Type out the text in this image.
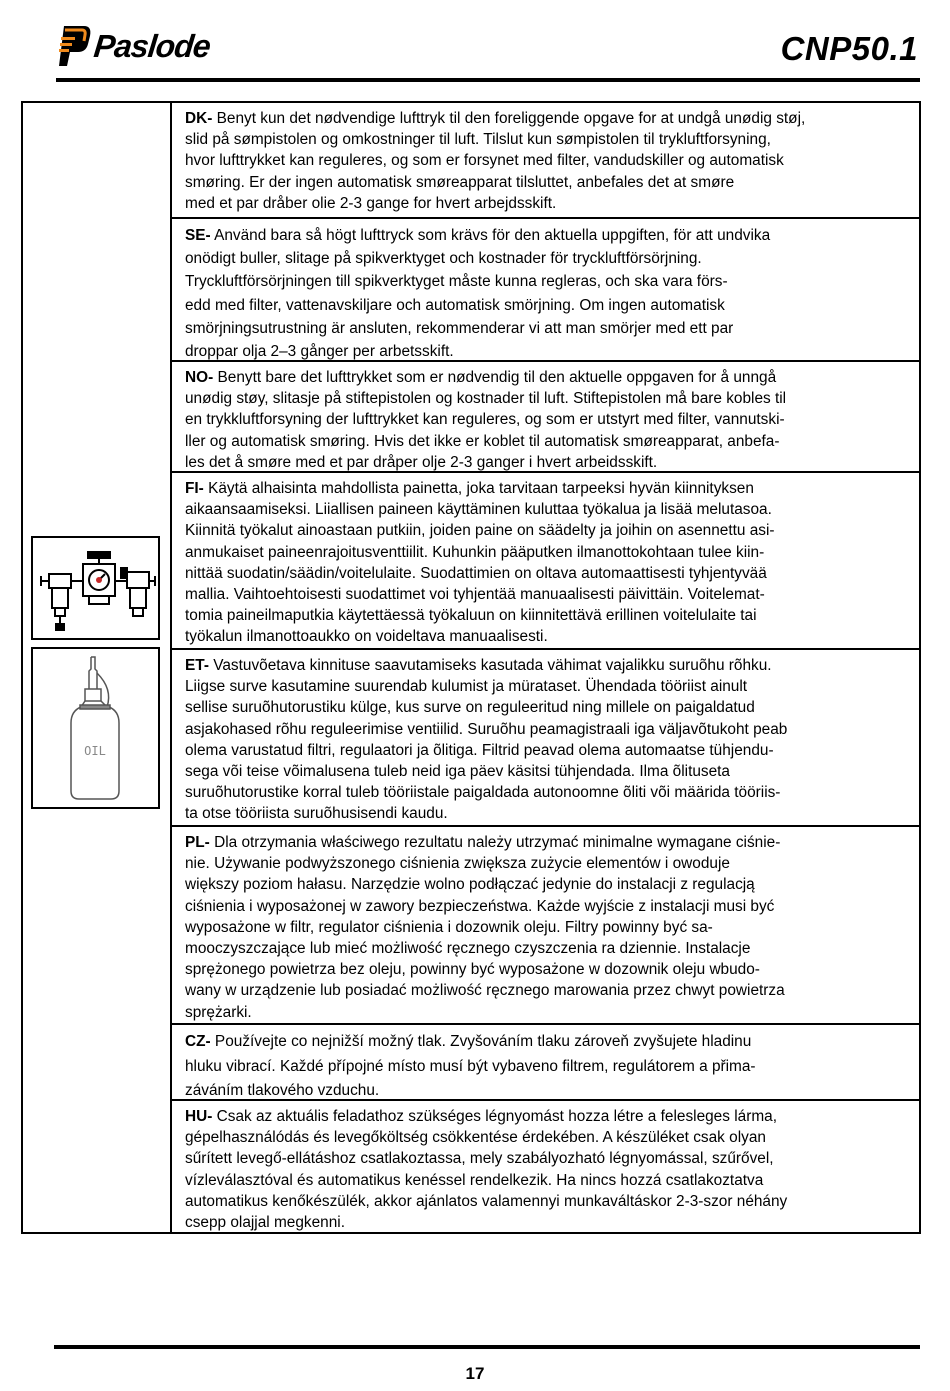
Paslode	CNP50.1
OIL
DK- Benyt kun det nødvendige lufttryk til den foreliggende opgave for at undgå unødig støj,
slid på sømpistolen og omkostninger til luft. Tilslut kun sømpistolen til trykluftforsyning,
hvor lufttrykket kan reguleres, og som er forsynet med filter, vandudskiller og automatisk
smøring. Er der ingen automatisk smøreapparat tilsluttet, anbefales det at smøre
med et par dråber olie 2-3 gange for hvert arbejdsskift.
SE- Använd bara så högt lufttryck som krävs för den aktuella uppgiften, för att undvika
onödigt buller, slitage på spikverktyget och kostnader för tryckluftförsörjning.
Tryckluftförsörjningen till spikverktyget måste kunna regleras, och ska vara förs-
edd med filter, vattenavskiljare och automatisk smörjning. Om ingen automatisk
smörjningsutrustning är ansluten, rekommenderar vi att man smörjer med ett par
droppar olja 2–3 gånger per arbetsskift.
NO- Benytt bare det lufttrykket som er nødvendig til den aktuelle oppgaven for å unngå
unødig støy, slitasje på stiftepistolen og kostnader til luft. Stiftepistolen må bare kobles til
en trykkluftforsyning der lufttrykket kan reguleres, og som er utstyrt med filter, vannutski-
ller og automatisk smøring. Hvis det ikke er koblet til automatisk smøreapparat, anbefa-
les det å smøre med et par dråper olje 2-3 ganger i hvert arbeidsskift.
FI- Käytä alhaisinta mahdollista painetta, joka tarvitaan tarpeeksi hyvän kiinnityksen
aikaansaamiseksi. Liiallisen paineen käyttäminen kuluttaa työkalua ja lisää melutasoa.
Kiinnitä työkalut ainoastaan putkiin, joiden paine on säädelty ja joihin on asennettu asi-
anmukaiset paineenrajoitusventtiilit. Kuhunkin pääputken ilmanottokohtaan tulee kiin-
nittää suodatin/säädin/voitelulaite. Suodattimien on oltava automaattisesti tyhjentyvää
mallia. Vaihtoehtoisesti suodattimet voi tyhjentää manuaalisesti päivittäin. Voitelemat-
tomia paineilmaputkia käytettäessä työkaluun on kiinnitettävä erillinen voitelulaite tai
työkalun ilmanottoaukko on voideltava manuaalisesti.
ET- Vastuvõetava kinnituse saavutamiseks kasutada vähimat vajalikku suruõhu rõhku.
Liigse surve kasutamine suurendab kulumist ja mürataset. Ühendada tööriist ainult
sellise suruõhutorustiku külge, kus surve on reguleeritud ning millele on paigaldatud
asjakohased rõhu reguleerimise ventiilid. Suruõhu peamagistraali iga väljavõtukoht peab
olema varustatud filtri, regulaatori ja õlitiga. Filtrid peavad olema automaatse tühjendu-
sega või teise võimalusena tuleb neid iga päev käsitsi tühjendada. Ilma õlituseta
suruõhutorustike korral tuleb tööriistale paigaldada autonoomne õliti või määrida tööriis-
ta otse tööriista suruõhusisendi kaudu.
PL- Dla otrzymania właściwego rezultatu należy utrzymać minimalne wymagane ciśnie-
nie. Używanie podwyższonego ciśnienia zwiększa zużycie elementów i owoduje
większy poziom hałasu. Narzędzie wolno podłączać jedynie do instalacji z regulacją
ciśnienia i wyposażonej w zawory bezpieczeństwa. Każde wyjście z instalacji musi być
wyposażone w filtr, regulator ciśnienia i dozownik oleju. Filtry powinny być sa-
mooczyszczające lub mieć możliwość ręcznego czyszczenia ra dziennie. Instalacje
sprężonego powietrza bez oleju, powinny być wyposażone w dozownik oleju wbudo-
wany w urządzenie lub posiadać możliwość ręcznego marowania przez chwyt powietrza
sprężarki.
CZ- Používejte co nejnižší možný tlak. Zvyšováním tlaku zároveň zvyšujete hladinu
hluku vibrací. Každé přípojné místo musí být vybaveno filtrem, regulátorem a přima-
záváním tlakového vzduchu.
HU- Csak az aktuális feladathoz szükséges légnyomást hozza létre a felesleges lárma,
gépelhasználódás és levegőköltség csökkentése érdekében. A készüléket csak olyan
sűrített levegő-ellátáshoz csatlakoztassa, mely szabályozható légnyomással, szűrővel,
vízleválasztóval és automatikus kenéssel rendelkezik. Ha nincs hozzá csatlakoztatva
automatikus kenőkészülék, akkor ajánlatos valamennyi munkaváltáskor 2-3-szor néhány
csepp olajjal megkenni.
17
